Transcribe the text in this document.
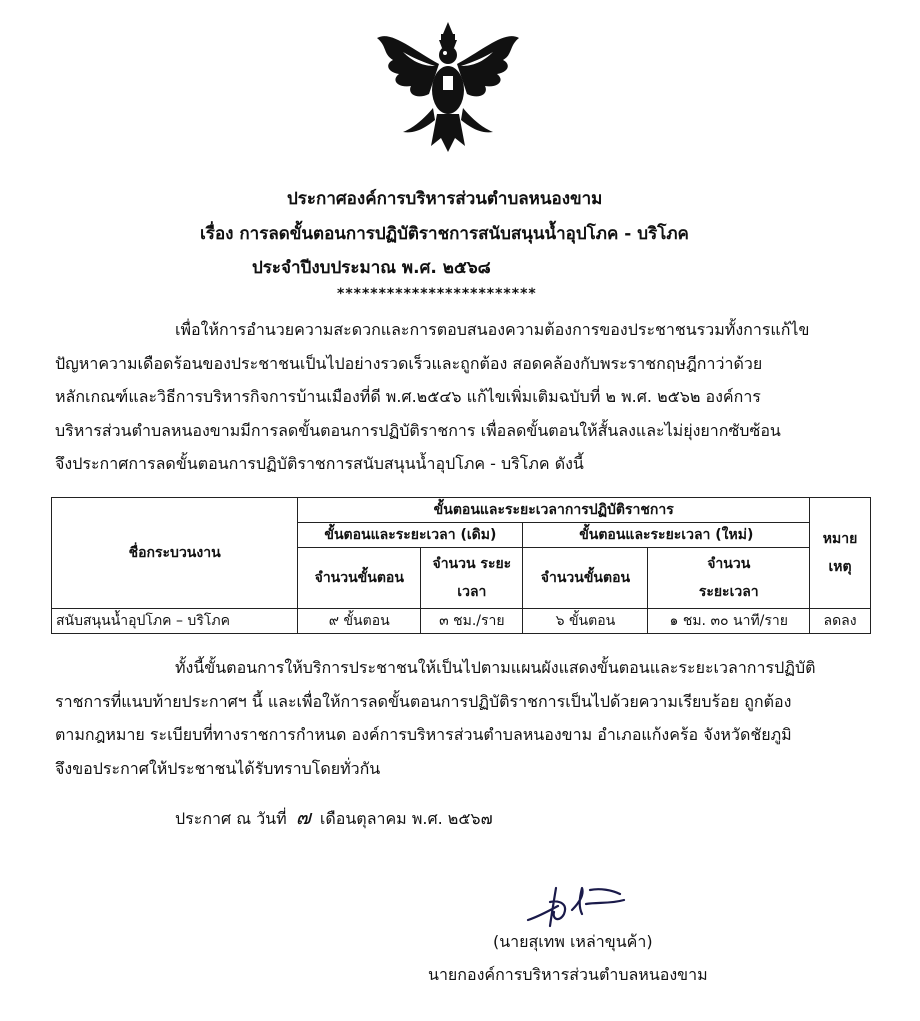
ประกาศองค์การบริหารส่วนตำบลหนองขาม
เรื่อง การลดขั้นตอนการปฏิบัติราชการสนับสนุนน้ำอุปโภค - บริโภค
ประจำปีงบประมาณ พ.ศ. ๒๕๖๘
************************
เพื่อให้การอำนวยความสะดวกและการตอบสนองความต้องการของประชาชนรวมทั้งการแก้ไข
ปัญหาความเดือดร้อนของประชาชนเป็นไปอย่างรวดเร็วและถูกต้อง สอดคล้องกับพระราชกฤษฎีกาว่าด้วย
หลักเกณฑ์และวิธีการบริหารกิจการบ้านเมืองที่ดี พ.ศ.๒๕๔๖ แก้ไขเพิ่มเติมฉบับที่ ๒ พ.ศ. ๒๕๖๒ องค์การ
บริหารส่วนตำบลหนองขามมีการลดขั้นตอนการปฏิบัติราชการ เพื่อลดขั้นตอนให้สั้นลงและไม่ยุ่งยากซับซ้อน
จึงประกาศการลดขั้นตอนการปฏิบัติราชการสนับสนุนน้ำอุปโภค - บริโภค ดังนี้
ชื่อกระบวนงาน	ขั้นตอนและระยะเวลาการปฏิบัติราชการ				หมาย เหตุ
	ขั้นตอนและระยะเวลา (เดิม)		ขั้นตอนและระยะเวลา (ใหม่)		
	จำนวนขั้นตอน	จำนวน ระยะเวลา	จำนวนขั้นตอน	จำนวน ระยะเวลา	
สนับสนุนน้ำอุปโภค – บริโภค	๙ ขั้นตอน	๓ ชม./ราย	๖ ขั้นตอน	๑ ชม. ๓๐ นาที/ราย	ลดลง
ทั้งนี้ขั้นตอนการให้บริการประชาชนให้เป็นไปตามแผนผังแสดงขั้นตอนและระยะเวลาการปฏิบัติ
ราชการที่แนบท้ายประกาศฯ นี้ และเพื่อให้การลดขั้นตอนการปฏิบัติราชการเป็นไปด้วยความเรียบร้อย ถูกต้อง
ตามกฎหมาย ระเบียบที่ทางราชการกำหนด องค์การบริหารส่วนตำบลหนองขาม อำเภอแก้งคร้อ จังหวัดชัยภูมิ
จึงขอประกาศให้ประชาชนได้รับทราบโดยทั่วกัน
ประกาศ ณ วันที่ ๗ เดือนตุลาคม พ.ศ. ๒๕๖๗
(นายสุเทพ เหล่าขุนค้า)
นายกองค์การบริหารส่วนตำบลหนองขาม
